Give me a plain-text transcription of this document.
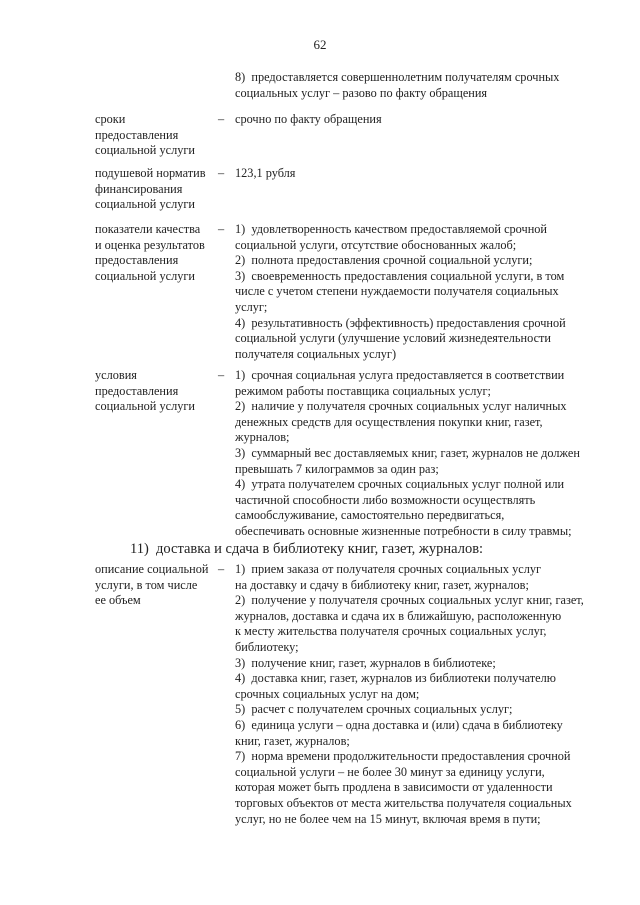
62
8)  предоставляется совершеннолетним получателям срочных
социальных услуг – разово по факту обращения
11)  доставка и сдача в библиотеку книг, газет, журналов:
сроки
предоставления
социальной услуги
– срочно по факту обращения
подушевой норматив
финансирования
социальной услуги
– 123,1 рубля
показатели качества
и оценка результатов
предоставления
социальной услуги
– 1)  удовлетворенность качеством предоставляемой срочной
социальной услуги, отсутствие обоснованных жалоб;
2)  полнота предоставления срочной социальной услуги;
3)  своевременность предоставления социальной услуги, в том
числе с учетом степени нуждаемости получателя социальных
услуг;
4)  результативность (эффективность) предоставления срочной
социальной услуги (улучшение условий жизнедеятельности
получателя социальных услуг)
условия
предоставления
социальной услуги
– 1)  срочная социальная услуга предоставляется в соответствии
режимом работы поставщика социальных услуг;
2)  наличие у получателя срочных социальных услуг наличных
денежных средств для осуществления покупки книг, газет,
журналов;
3)  суммарный вес доставляемых книг, газет, журналов не должен
превышать 7 килограммов за один раз;
4)  утрата получателем срочных социальных услуг полной или
частичной способности либо возможности осуществлять
самообслуживание, самостоятельно передвигаться,
обеспечивать основные жизненные потребности в силу травмы;
описание социальной
услуги, в том числе
ее объем
– 1)  прием заказа от получателя срочных социальных услуг
на доставку и сдачу в библиотеку книг, газет, журналов;
2)  получение у получателя срочных социальных услуг книг, газет,
журналов, доставка и сдача их в ближайшую, расположенную
к месту жительства получателя срочных социальных услуг,
библиотеку;
3)  получение книг, газет, журналов в библиотеке;
4)  доставка книг, газет, журналов из библиотеки получателю
срочных социальных услуг на дом;
5)  расчет с получателем срочных социальных услуг;
6)  единица услуги – одна доставка и (или) сдача в библиотеку
книг, газет, журналов;
7)  норма времени продолжительности предоставления срочной
социальной услуги – не более 30 минут за единицу услуги,
которая может быть продлена в зависимости от удаленности
торговых объектов от места жительства получателя социальных
услуг, но не более чем на 15 минут, включая время в пути;
